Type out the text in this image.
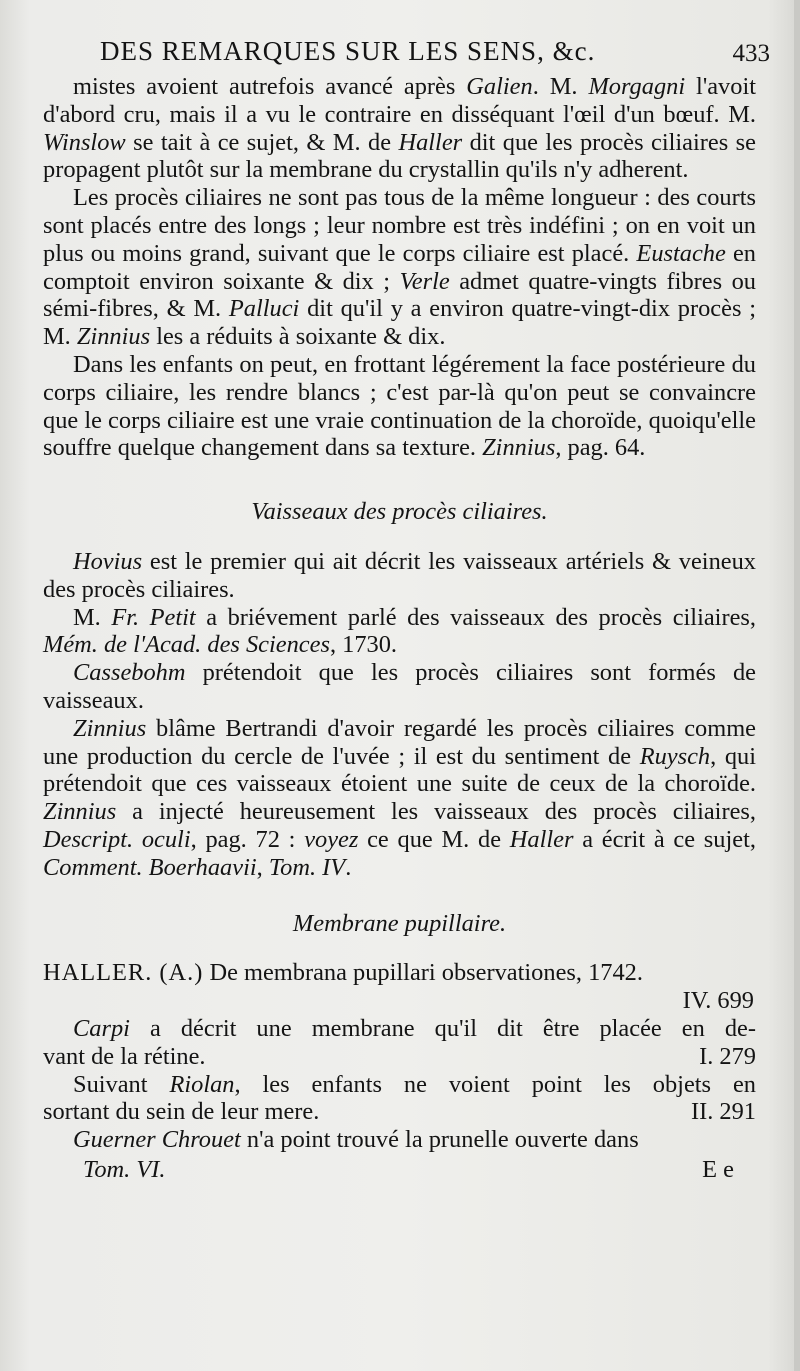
DES REMARQUES SUR LES SENS, &c.	433

mistes avoient autrefois avancé après Galien. M. Morgagni l'avoit d'abord cru, mais il a vu le contraire en disséquant l'œil d'un bœuf. M. Winslow se tait à ce sujet, & M. de Haller dit que les procès ciliaires se propagent plutôt sur la membrane du crystallin qu'ils n'y adherent.

Les procès ciliaires ne sont pas tous de la même longueur : des courts sont placés entre des longs ; leur nombre est très indéfini ; on en voit un plus ou moins grand, suivant que le corps ciliaire est placé. Eustache en comptoit environ soixante & dix ; Verle admet quatre-vingts fibres ou sémi-fibres, & M. Palluci dit qu'il y a environ quatre-vingt-dix procès ; M. Zinnius les a réduits à soixante & dix.

Dans les enfants on peut, en frottant légérement la face postérieure du corps ciliaire, les rendre blancs ; c'est par-là qu'on peut se convaincre que le corps ciliaire est une vraie continuation de la choroïde, quoiqu'elle souffre quelque changement dans sa texture. Zinnius, pag. 64.

Vaisseaux des procès ciliaires.

Hovius est le premier qui ait décrit les vaisseaux artériels & veineux des procès ciliaires.

M. Fr. Petit a briévement parlé des vaisseaux des procès ciliaires, Mém. de l'Acad. des Sciences, 1730.

Cassebohm prétendoit que les procès ciliaires sont formés de vaisseaux.

Zinnius blâme Bertrandi d'avoir regardé les procès ciliaires comme une production du cercle de l'uvée ; il est du sentiment de Ruysch, qui prétendoit que ces vaisseaux étoient une suite de ceux de la choroïde. Zinnius a injecté heureusement les vaisseaux des procès ciliaires, Descript. oculi, pag. 72 : voyez ce que M. de Haller a écrit à ce sujet, Comment. Boerhaavii, Tom. IV.

Membrane pupillaire.

HALLER. (A.) De membrana pupillari observationes, 1742.

IV. 699

Carpi a décrit une membrane qu'il dit être placée en de-

vant de la rétine.	I. 279

Suivant Riolan, les enfants ne voient point les objets en

sortant du sein de leur mere.	II. 291

Guerner Chrouet n'a point trouvé la prunelle ouverte dans

Tom. VI.	E e
